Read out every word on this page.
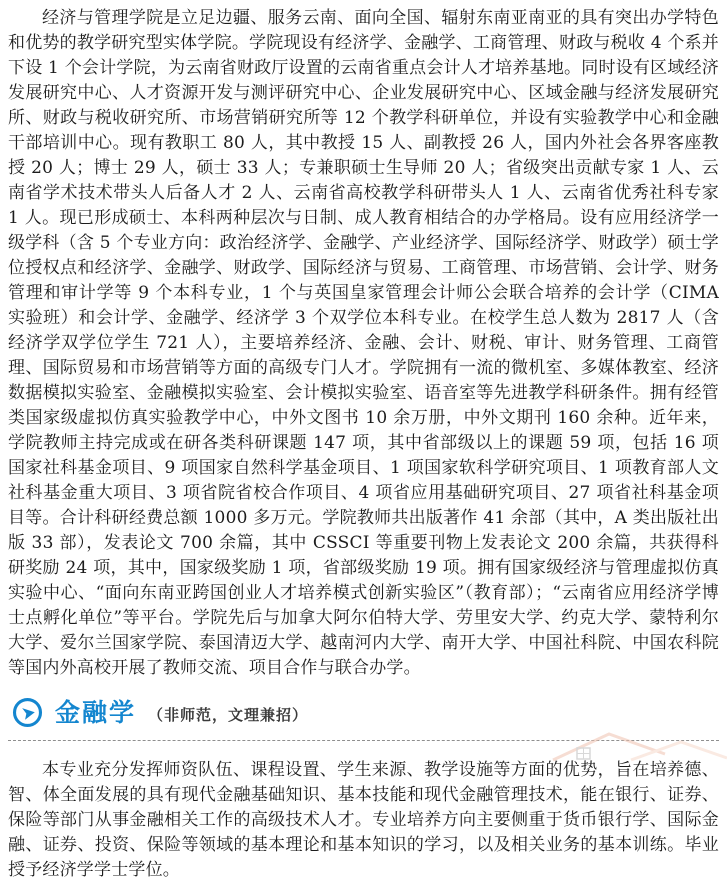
经济与管理学院是立足边疆、服务云南、面向全国、辐射东南亚南亚的具有突出办学特色和优势的教学研究型实体学院。学院现设有经济学、金融学、工商管理、财政与税收 4 个系并下设 1 个会计学院，为云南省财政厅设置的云南省重点会计人才培养基地。同时设有区域经济发展研究中心、人才资源开发与测评研究中心、企业发展研究中心、区域金融与经济发展研究所、财政与税收研究所、市场营销研究所等 12 个教学科研单位，并设有实验教学中心和金融干部培训中心。现有教职工 80 人，其中教授 15 人、副教授 26 人，国内外社会各界客座教授 20 人；博士 29 人，硕士 33 人；专兼职硕士生导师 20 人；省级突出贡献专家 1 人、云南省学术技术带头人后备人才 2 人、云南省高校教学科研带头人 1 人、云南省优秀社科专家 1 人。现已形成硕士、本科两种层次与日制、成人教育相结合的办学格局。设有应用经济学一级学科（含 5 个专业方向：政治经济学、金融学、产业经济学、国际经济学、财政学）硕士学位授权点和经济学、金融学、财政学、国际经济与贸易、工商管理、市场营销、会计学、财务管理和审计学等 9 个本科专业，1 个与英国皇家管理会计师公会联合培养的会计学（CIMA 实验班）和会计学、金融学、经济学 3 个双学位本科专业。在校学生总人数为 2817 人（含经济学双学位学生 721 人），主要培养经济、金融、会计、财税、审计、财务管理、工商管理、国际贸易和市场营销等方面的高级专门人才。学院拥有一流的微机室、多媒体教室、经济数据模拟实验室、金融模拟实验室、会计模拟实验室、语音室等先进教学科研条件。拥有经管类国家级虚拟仿真实验教学中心，中外文图书 10 余万册，中外文期刊 160 余种。近年来，学院教师主持完成或在研各类科研课题 147 项，其中省部级以上的课题 59 项，包括 16 项国家社科基金项目、9 项国家自然科学基金项目、1 项国家软科学研究项目、1 项教育部人文社科基金重大项目、3 项省院省校合作项目、4 项省应用基础研究项目、27 项省社科基金项目等。合计科研经费总额 1000 多万元。学院教师共出版著作 41 余部（其中，A 类出版社出版 33 部），发表论文 700 余篇，其中 CSSCI 等重要刊物上发表论文 200 余篇，共获得科研奖励 24 项，其中，国家级奖励 1 项，省部级奖励 19 项。拥有国家级经济与管理虚拟仿真实验中心、“面向东南亚跨国创业人才培养模式创新实验区”（教育部）；“云南省应用经济学博士点孵化单位”等平台。学院先后与加拿大阿尔伯特大学、劳里安大学、约克大学、蒙特利尔大学、爱尔兰国家学院、泰国清迈大学、越南河内大学、南开大学、中国社科院、中国农科院等国内外高校开展了教师交流、项目合作与联合办学。

金融学 （非师范，文理兼招）

本专业充分发挥师资队伍、课程设置、学生来源、教学设施等方面的优势，旨在培养德、智、体全面发展的具有现代金融基础知识、基本技能和现代金融管理技术，能在银行、证券、保险等部门从事金融相关工作的高级技术人才。专业培养方向主要侧重于货币银行学、国际金融、证券、投资、保险等领域的基本理论和基本知识的学习，以及相关业务的基本训练。毕业授予经济学学士学位。
